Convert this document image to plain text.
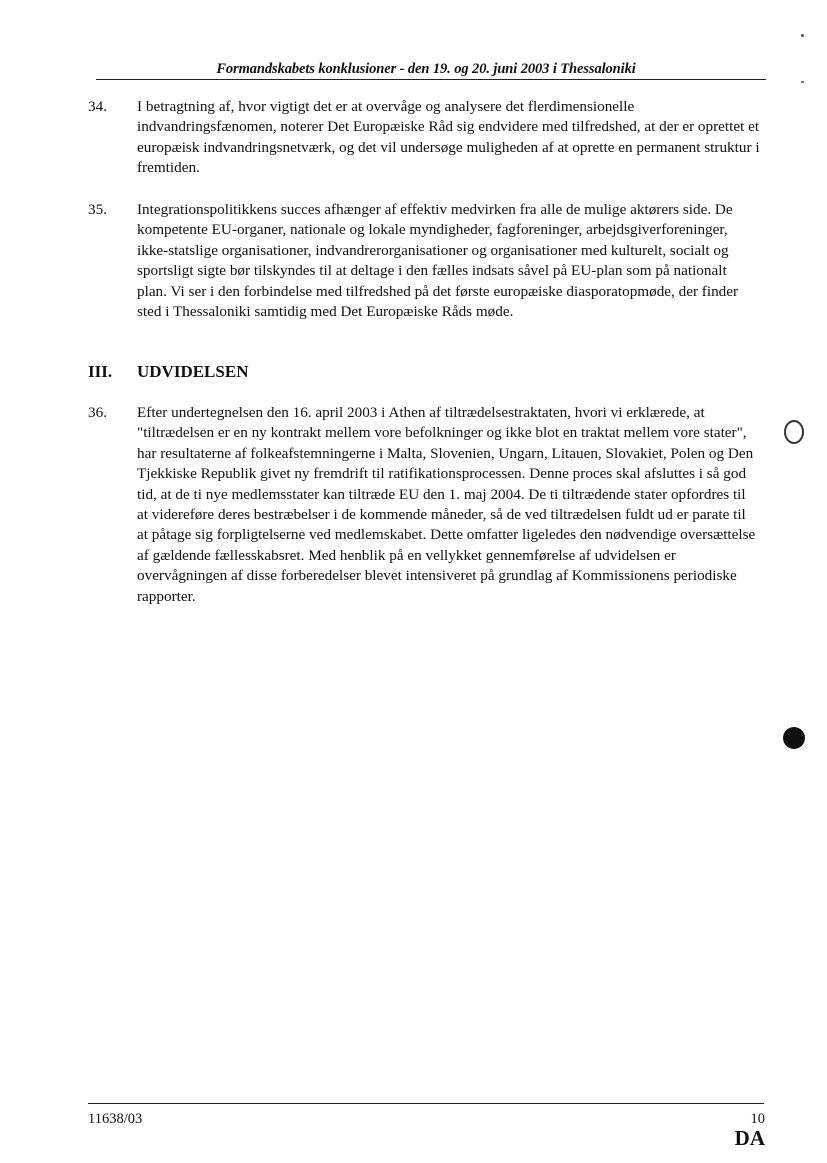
Formandskabets konklusioner - den 19. og 20. juni 2003 i Thessaloniki
34.	I betragtning af, hvor vigtigt det er at overvåge og analysere det flerdimensionelle indvandringsfænomen, noterer Det Europæiske Råd sig endvidere med tilfredshed, at der er oprettet et europæisk indvandringsnetværk, og det vil undersøge muligheden af at oprette en permanent struktur i fremtiden.
35.	Integrationspolitikkens succes afhænger af effektiv medvirken fra alle de mulige aktørers side. De kompetente EU-organer, nationale og lokale myndigheder, fagforeninger, arbejdsgiverforeninger, ikke-statslige organisationer, indvandrerorganisationer og organisationer med kulturelt, socialt og sportsligt sigte bør tilskyndes til at deltage i den fælles indsats såvel på EU-plan som på nationalt plan. Vi ser i den forbindelse med tilfredshed på det første europæiske diasporatopmøde, der finder sted i Thessaloniki samtidig med Det Europæiske Råds møde.
III. UDVIDELSEN
36.	Efter undertegnelsen den 16. april 2003 i Athen af tiltrædelsestraktaten, hvori vi erklærede, at "tiltrædelsen er en ny kontrakt mellem vore befolkninger og ikke blot en traktat mellem vore stater", har resultaterne af folkeafstemningerne i Malta, Slovenien, Ungarn, Litauen, Slovakiet, Polen og Den Tjekkiske Republik givet ny fremdrift til ratifikationsprocessen. Denne proces skal afsluttes i så god tid, at de ti nye medlemsstater kan tiltræde EU den 1. maj 2004. De ti tiltrædende stater opfordres til at videreføre deres bestræbelser i de kommende måneder, så de ved tiltrædelsen fuldt ud er parate til at påtage sig forpligtelserne ved medlemskabet. Dette omfatter ligeledes den nødvendige oversættelse af gældende fællesskabsret. Med henblik på en vellykket gennemførelse af udvidelsen er overvågningen af disse forberedelser blevet intensiveret på grundlag af Kommissionens periodiske rapporter.
11638/03	10
DA
